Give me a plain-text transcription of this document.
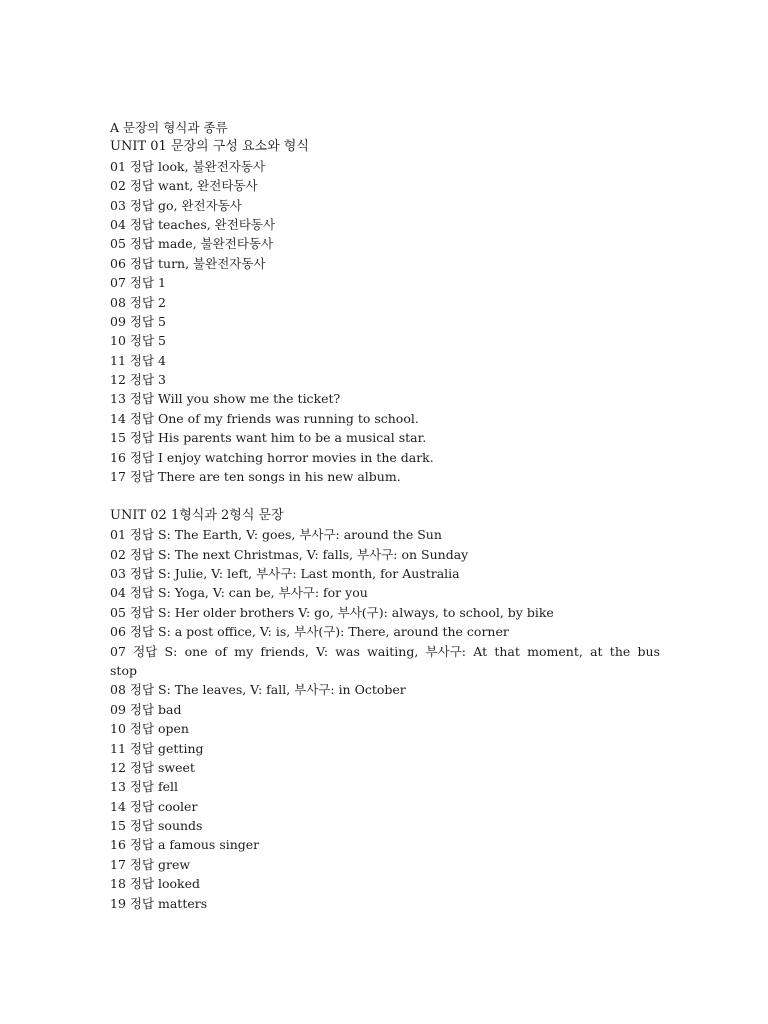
A 문장의 형식과 종류
UNIT 01 문장의 구성 요소와 형식
01 정답 look, 불완전자동사
02 정답 want, 완전타동사
03 정답 go, 완전자동사
04 정답 teaches, 완전타동사
05 정답 made, 불완전타동사
06 정답 turn, 불완전자동사
07 정답 1
08 정답 2
09 정답 5
10 정답 5
11 정답 4
12 정답 3
13 정답 Will you show me the ticket?
14 정답 One of my friends was running to school.
15 정답 His parents want him to be a musical star.
16 정답 I enjoy watching horror movies in the dark.
17 정답 There are ten songs in his new album.
UNIT 02 1형식과 2형식 문장
01 정답 S: The Earth, V: goes, 부사구: around the Sun
02 정답 S: The next Christmas, V: falls, 부사구: on Sunday
03 정답 S: Julie, V: left, 부사구: Last month, for Australia
04 정답 S: Yoga, V: can be, 부사구: for you
05 정답 S: Her older brothers V: go, 부사(구): always, to school, by bike
06 정답 S: a post office, V: is, 부사(구): There, around the corner
07 정답 S: one of my friends, V: was waiting, 부사구: At that moment, at the bus stop
08 정답 S: The leaves, V: fall, 부사구: in October
09 정답 bad
10 정답 open
11 정답 getting
12 정답 sweet
13 정답 fell
14 정답 cooler
15 정답 sounds
16 정답 a famous singer
17 정답 grew
18 정답 looked
19 정답 matters
